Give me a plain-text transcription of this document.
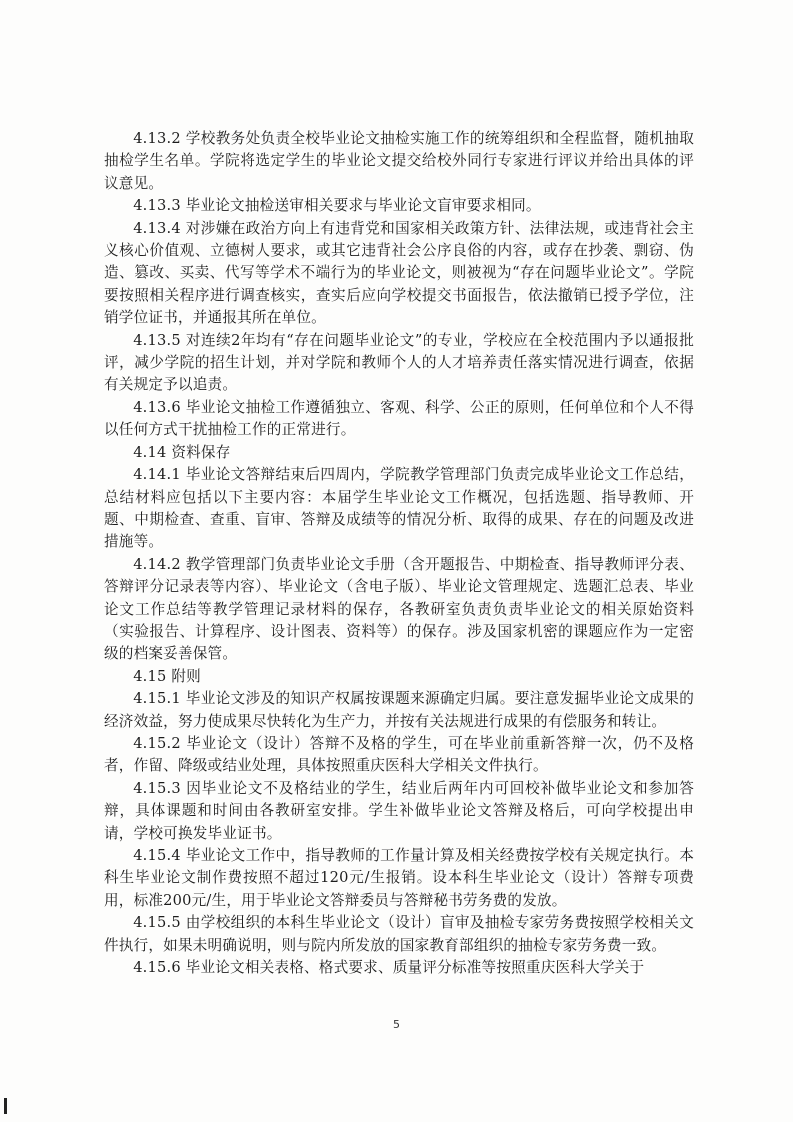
4.13.2 学校教务处负责全校毕业论文抽检实施工作的统筹组织和全程监督，随机抽取抽检学生名单。学院将选定学生的毕业论文提交给校外同行专家进行评议并给出具体的评议意见。

4.13.3 毕业论文抽检送审相关要求与毕业论文盲审要求相同。

4.13.4 对涉嫌在政治方向上有违背党和国家相关政策方针、法律法规，或违背社会主义核心价值观、立德树人要求，或其它违背社会公序良俗的内容，或存在抄袭、剽窃、伪造、篡改、买卖、代写等学术不端行为的毕业论文，则被视为“存在问题毕业论文”。学院要按照相关程序进行调查核实，查实后应向学校提交书面报告，依法撤销已授予学位，注销学位证书，并通报其所在单位。

4.13.5 对连续2年均有“存在问题毕业论文”的专业，学校应在全校范围内予以通报批评，减少学院的招生计划，并对学院和教师个人的人才培养责任落实情况进行调查，依据有关规定予以追责。

4.13.6 毕业论文抽检工作遵循独立、客观、科学、公正的原则，任何单位和个人不得以任何方式干扰抽检工作的正常进行。

4.14 资料保存

4.14.1 毕业论文答辩结束后四周内，学院教学管理部门负责完成毕业论文工作总结，总结材料应包括以下主要内容：本届学生毕业论文工作概况，包括选题、指导教师、开题、中期检查、查重、盲审、答辩及成绩等的情况分析、取得的成果、存在的问题及改进措施等。

4.14.2 教学管理部门负责毕业论文手册（含开题报告、中期检查、指导教师评分表、答辩评分记录表等内容）、毕业论文（含电子版）、毕业论文管理规定、选题汇总表、毕业论文工作总结等教学管理记录材料的保存，各教研室负责负责毕业论文的相关原始资料（实验报告、计算程序、设计图表、资料等）的保存。涉及国家机密的课题应作为一定密级的档案妥善保管。

4.15 附则

4.15.1 毕业论文涉及的知识产权属按课题来源确定归属。要注意发掘毕业论文成果的经济效益，努力使成果尽快转化为生产力，并按有关法规进行成果的有偿服务和转让。

4.15.2 毕业论文（设计）答辩不及格的学生，可在毕业前重新答辩一次，仍不及格者，作留、降级或结业处理，具体按照重庆医科大学相关文件执行。

4.15.3 因毕业论文不及格结业的学生，结业后两年内可回校补做毕业论文和参加答辩，具体课题和时间由各教研室安排。学生补做毕业论文答辩及格后，可向学校提出申请，学校可换发毕业证书。

4.15.4 毕业论文工作中，指导教师的工作量计算及相关经费按学校有关规定执行。本科生毕业论文制作费按照不超过120元/生报销。设本科生毕业论文（设计）答辩专项费用，标准200元/生，用于毕业论文答辩委员与答辩秘书劳务费的发放。

4.15.5 由学校组织的本科生毕业论文（设计）盲审及抽检专家劳务费按照学校相关文件执行，如果未明确说明，则与院内所发放的国家教育部组织的抽检专家劳务费一致。

4.15.6 毕业论文相关表格、格式要求、质量评分标准等按照重庆医科大学关于

5
